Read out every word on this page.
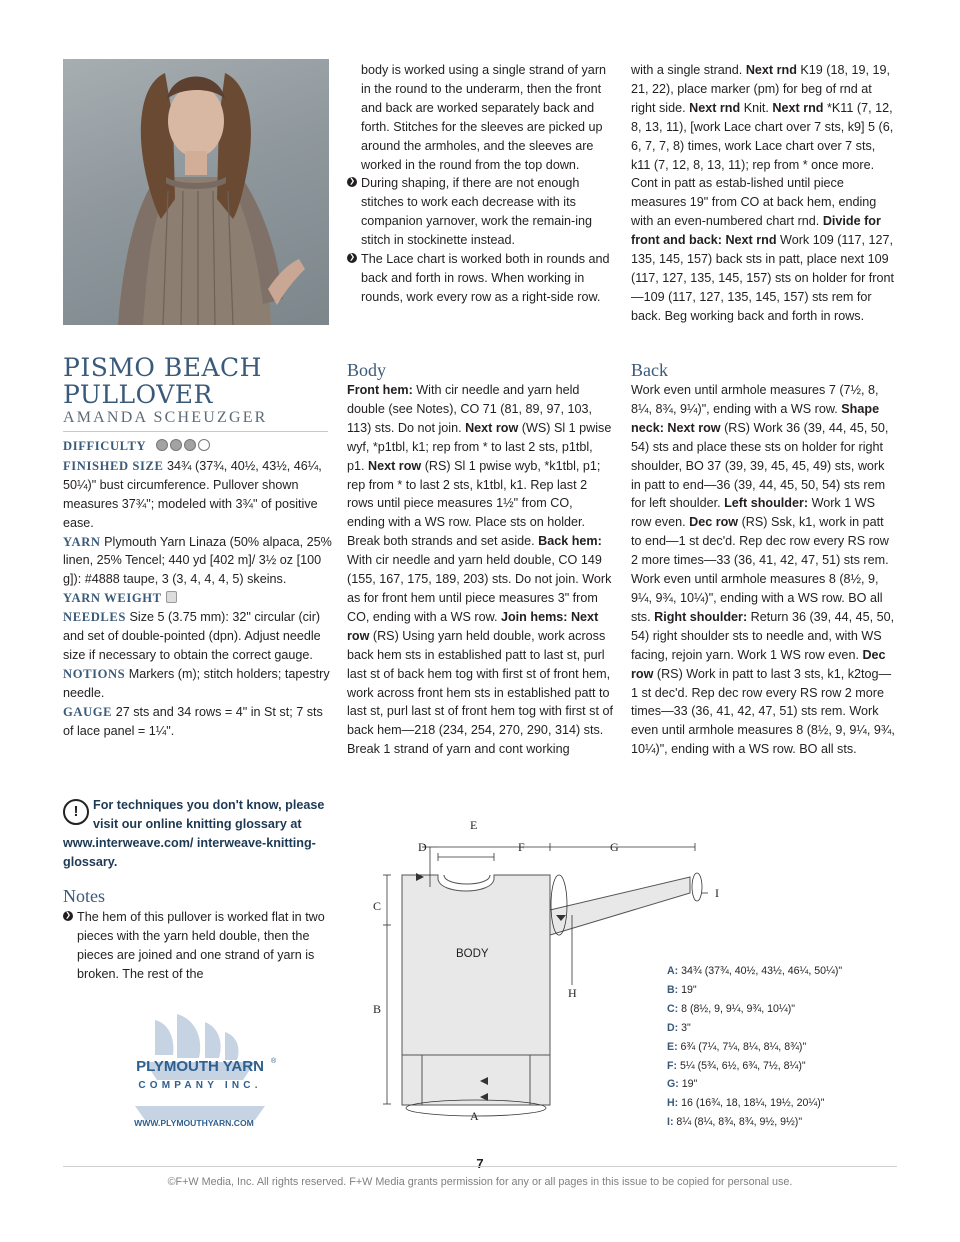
PISMO BEACH
PULLOVER
AMANDA SCHEUZGER

DIFFICULTY

FINISHED SIZE 34¾ (37¾, 40½, 43½, 46¼, 50¼)" bust circumference. Pullover shown measures 37¾"; modeled with 3¾" of positive ease.

YARN Plymouth Yarn Linaza (50% alpaca, 25% linen, 25% Tencel; 440 yd [402 m]/ 3½ oz [100 g]): #4888 taupe, 3 (3, 4, 4, 4, 5) skeins.

YARN WEIGHT

NEEDLES Size 5 (3.75 mm): 32" circular (cir) and set of double-pointed (dpn). Adjust needle size if necessary to obtain the correct gauge.

NOTIONS Markers (m); stitch holders; tapestry needle.

GAUGE 27 sts and 34 rows = 4" in St st; 7 sts of lace panel = 1¼".

!	For techniques you don't know, please visit our online knitting glossary at www.interweave.com/ interweave-knitting-glossary.
Notes

❯ The hem of this pullover is worked flat in two pieces with the yarn held double, then the pieces are joined and one strand of yarn is broken. The rest of the

PLYMOUTH YARN ®
COMPANY INC.
WWW.PLYMOUTHYARN.COM

body is worked using a single strand of yarn in the round to the underarm, then the front and back are worked separately back and forth. Stitches for the sleeves are picked up around the armholes, and the sleeves are worked in the round from the top down.

❯ During shaping, if there are not enough stitches to work each decrease with its companion yarnover, work the remain-ing stitch in stockinette instead.

❯ The Lace chart is worked both in rounds and back and forth in rows. When working in rounds, work every row as a right-side row.

Body
Front hem: With cir needle and yarn held double (see Notes), CO 71 (81, 89, 97, 103, 113) sts. Do not join. Next row (WS) Sl 1 pwise wyf, *p1tbl, k1; rep from * to last 2 sts, p1tbl, p1. Next row (RS) Sl 1 pwise wyb, *k1tbl, p1; rep from * to last 2 sts, k1tbl, k1. Rep last 2 rows until piece measures 1½" from CO, ending with a WS row. Place sts on holder. Break both strands and set aside. Back hem: With cir needle and yarn held double, CO 149 (155, 167, 175, 189, 203) sts. Do not join. Work as for front hem until piece measures 3" from CO, ending with a WS row. Join hems: Next row (RS) Using yarn held double, work across back hem sts in established patt to last st, purl last st of back hem tog with first st of front hem, work across front hem sts in established patt to last st, purl last st of front hem tog with first st of back hem—218 (234, 254, 270, 290, 314) sts. Break 1 strand of yarn and cont working

with a single strand. Next rnd K19 (18, 19, 19, 21, 22), place marker (pm) for beg of rnd at right side. Next rnd Knit. Next rnd *K11 (7, 12, 8, 13, 11), [work Lace chart over 7 sts, k9] 5 (6, 6, 7, 7, 8) times, work Lace chart over 7 sts, k11 (7, 12, 8, 13, 11); rep from * once more. Cont in patt as estab-lished until piece measures 19" from CO at back hem, ending with an even-numbered chart rnd. Divide for front and back: Next rnd Work 109 (117, 127, 135, 145, 157) back sts in patt, place next 109 (117, 127, 135, 145, 157) sts on holder for front—109 (117, 127, 135, 145, 157) sts rem for back. Beg working back and forth in rows.

Back
Work even until armhole measures 7 (7½, 8, 8¼, 8¾, 9¼)", ending with a WS row. Shape neck: Next row (RS) Work 36 (39, 44, 45, 50, 54) sts and place these sts on holder for right shoulder, BO 37 (39, 39, 45, 45, 49) sts, work in patt to end—36 (39, 44, 45, 50, 54) sts rem for left shoulder. Left shoulder: Work 1 WS row even. Dec row (RS) Ssk, k1, work in patt to end—1 st dec'd. Rep dec row every RS row 2 more times—33 (36, 41, 42, 47, 51) sts rem. Work even until armhole measures 8 (8½, 9, 9¼, 9¾, 10¼)", ending with a WS row. BO all sts. Right shoulder: Return 36 (39, 44, 45, 50, 54) right shoulder sts to needle and, with WS facing, rejoin yarn. Work 1 WS row even. Dec row (RS) Work in patt to last 3 sts, k1, k2tog—1 st dec'd. Rep dec row every RS row 2 more times—33 (36, 41, 42, 47, 51) sts rem. Work even until armhole measures 8 (8½, 9, 9¼, 9¾, 10¼)", ending with a WS row. BO all sts.
C
B
D
E
F	G
H
I
A
BODY

A: 34¾ (37¾, 40½, 43½, 46¼, 50¼)"

B: 19"

C: 8 (8½, 9, 9¼, 9¾, 10¼)"

D: 3"

E: 6¾ (7¼, 7¼, 8¼, 8¼, 8¾)"

F: 5¼ (5¾, 6½, 6¾, 7½, 8¼)"

G: 19"

H: 16 (16¾, 18, 18¼, 19½, 20¼)"

I: 8¼ (8¼, 8¾, 8¾, 9½, 9½)"

7
©F+W Media, Inc. All rights reserved. F+W Media grants permission for any or all pages in this issue to be copied for personal use.
